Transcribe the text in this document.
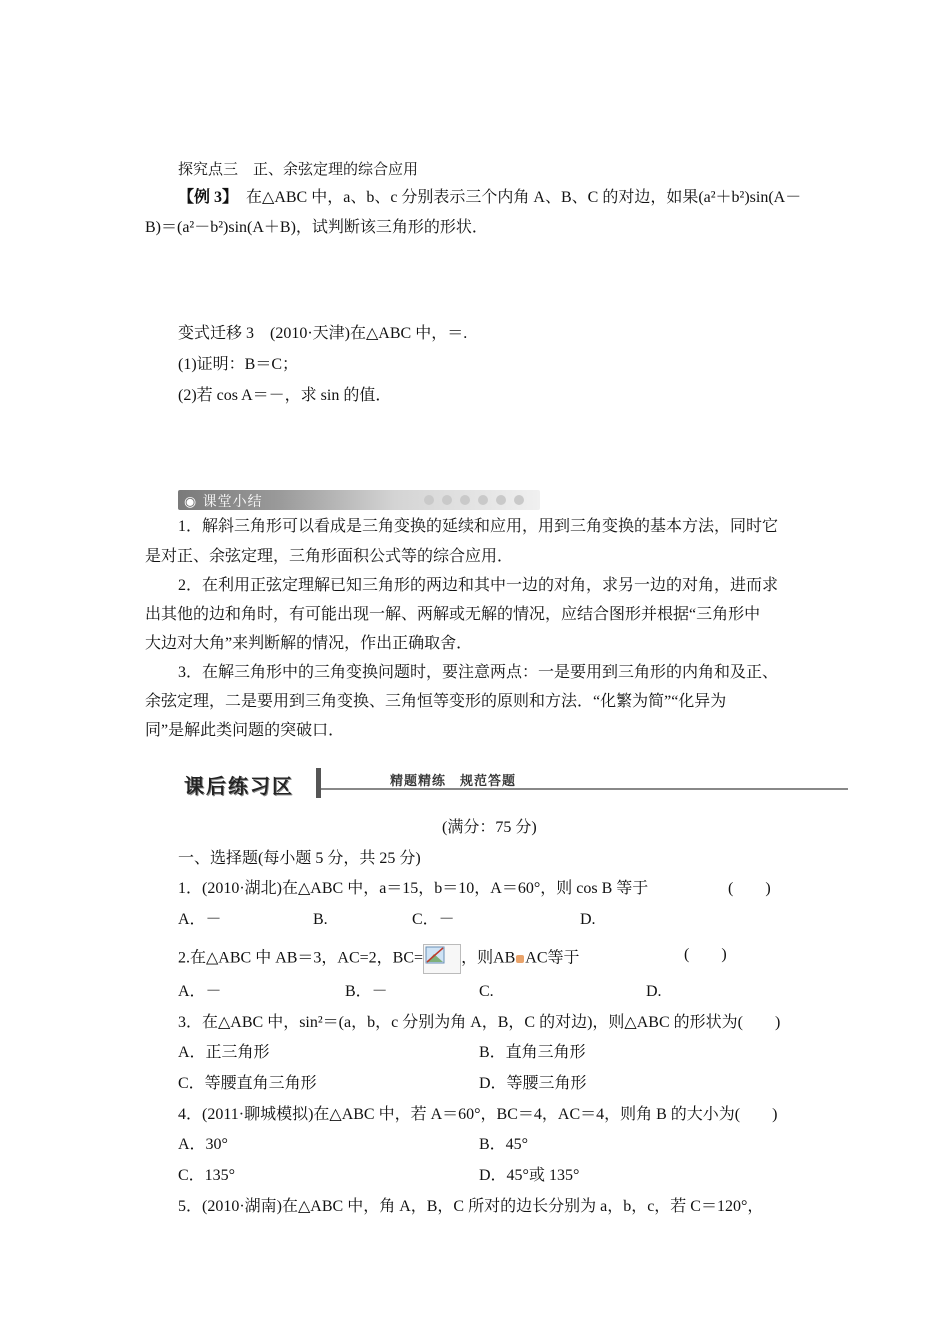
探究点三　正、余弦定理的综合应用
【例 3】 在△ABC 中，a、b、c 分别表示三个内角 A、B、C 的对边，如果(a²＋b²)sin(A－
B)＝(a²－b²)sin(A＋B)，试判断该三角形的形状．
变式迁移 3　(2010·天津)在△ABC 中，＝.
(1)证明：B＝C；
(2)若 cos A＝－，求 sin 的值．
◉ 课堂小结
1．解斜三角形可以看成是三角变换的延续和应用，用到三角变换的基本方法，同时它
是对正、余弦定理，三角形面积公式等的综合应用．
2．在利用正弦定理解已知三角形的两边和其中一边的对角，求另一边的对角，进而求
出其他的边和角时，有可能出现一解、两解或无解的情况，应结合图形并根据“三角形中
大边对大角”来判断解的情况，作出正确取舍．
3．在解三角形中的三角变换问题时，要注意两点：一是要用到三角形的内角和及正、
余弦定理，二是要用到三角变换、三角恒等变形的原则和方法．“化繁为简”“化异为
同”是解此类问题的突破口．
课后练习区	精题精练　规范答题
(满分：75 分)
一、选择题(每小题 5 分，共 25 分)
1．(2010·湖北)在△ABC 中，a＝15，b＝10，A＝60°，则 cos B 等于	(　　)
A．－	B.	C．－	D.
2.在△ABC 中 AB＝3，AC=2，BC= ，则AB AC等于	(　　)
A．－	B．－	C.	D.
3．在△ABC 中，sin²＝(a，b，c 分别为角 A，B，C 的对边)，则△ABC 的形状为(　　)
A．正三角形	B．直角三角形
C．等腰直角三角形	D．等腰三角形
4．(2011·聊城模拟)在△ABC 中，若 A＝60°，BC＝4，AC＝4，则角 B 的大小为(　　)
A．30°	B．45°
C．135°	D．45°或 135°
5．(2010·湖南)在△ABC 中，角 A，B，C 所对的边长分别为 a，b，c，若 C＝120°，
